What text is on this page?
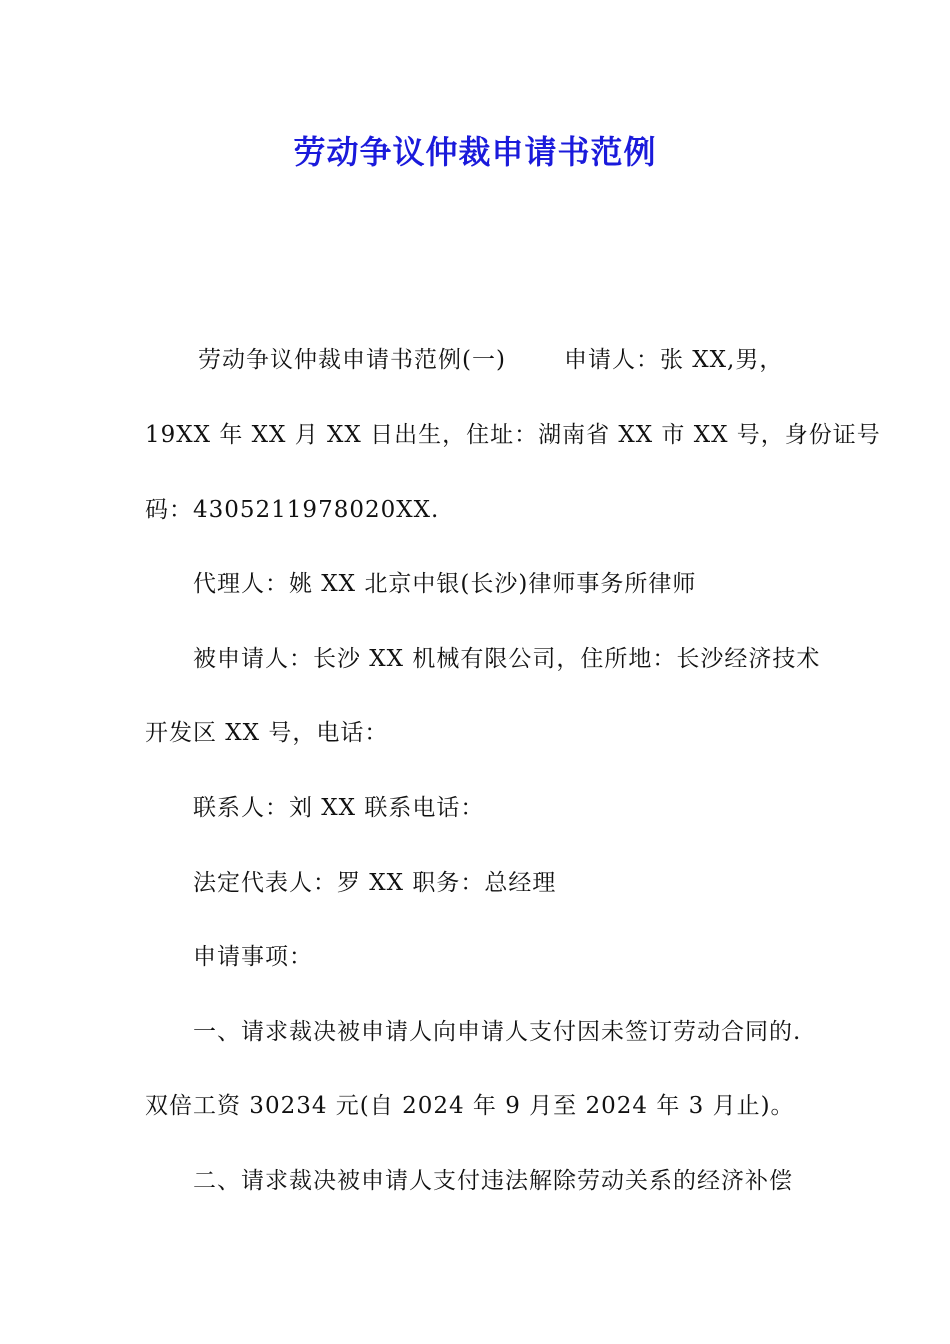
劳动争议仲裁申请书范例
劳动争议仲裁申请书范例(一)	申请人：张 XX,男，
19XX 年 XX 月 XX 日出生，住址：湖南省 XX 市 XX 号，身份证号
码：4305211978020XX.
代理人：姚 XX 北京中银(长沙)律师事务所律师
被申请人：长沙 XX 机械有限公司，住所地：长沙经济技术
开发区 XX 号，电话：
联系人：刘 XX 联系电话：
法定代表人：罗 XX 职务：总经理
申请事项：
一、请求裁决被申请人向申请人支付因未签订劳动合同的.
双倍工资 30234 元(自 2024 年 9 月至 2024 年 3 月止)。
二、请求裁决被申请人支付违法解除劳动关系的经济补偿
